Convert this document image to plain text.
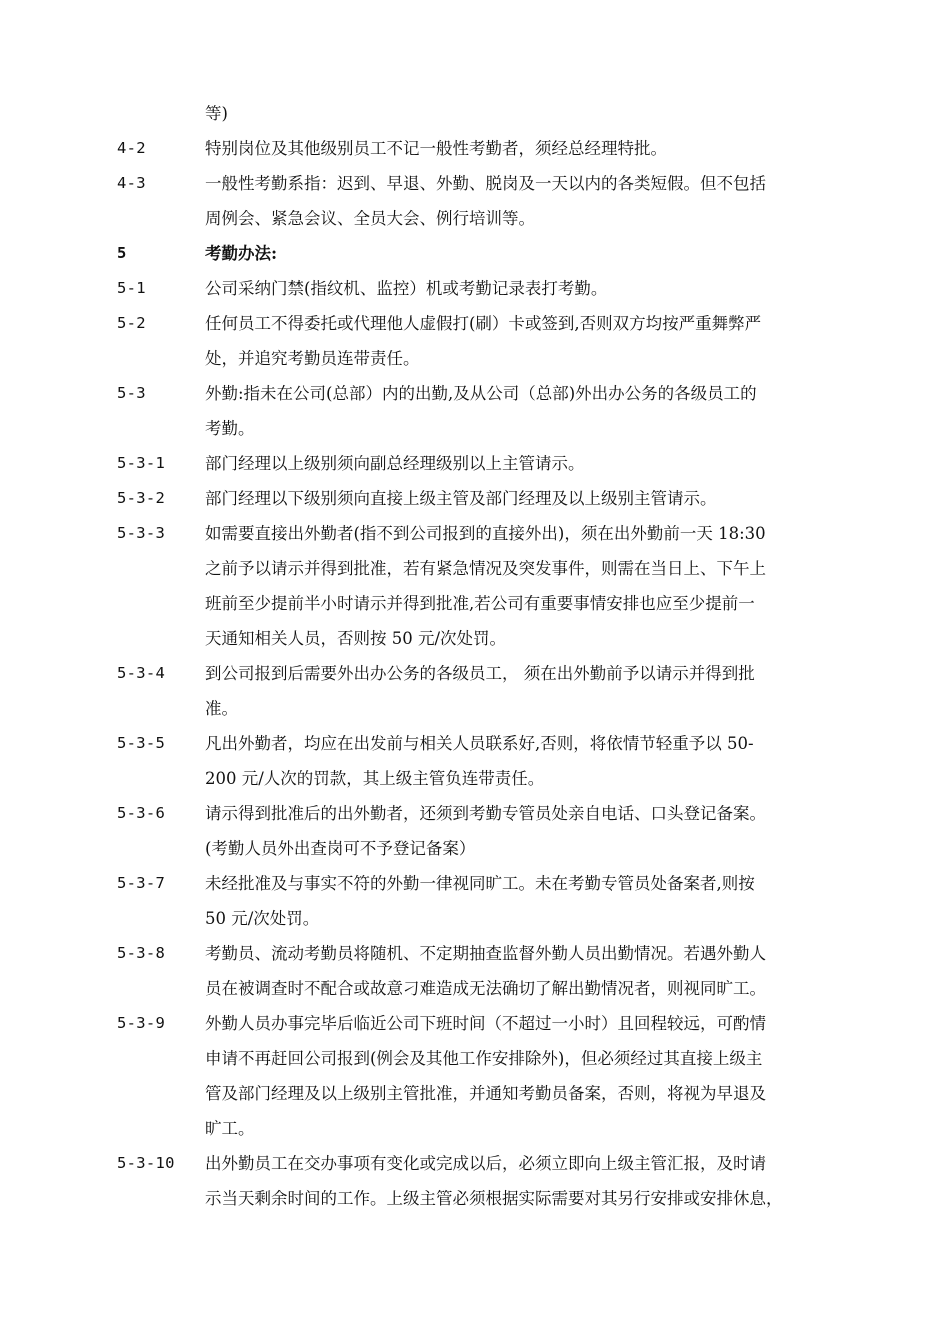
等)
4-2	特别岗位及其他级别员工不记一般性考勤者，须经总经理特批。
4-3	一般性考勤系指：迟到、早退、外勤、脱岗及一天以内的各类短假。但不包括
周例会、紧急会议、全员大会、例行培训等。
5	考勤办法:
5-1	公司采纳门禁(指纹机、监控）机或考勤记录表打考勤。
5-2	任何员工不得委托或代理他人虚假打(刷）卡或签到,否则双方均按严重舞弊严
处，并追究考勤员连带责任。
5-3	外勤:指未在公司(总部）内的出勤,及从公司（总部)外出办公务的各级员工的
考勤。
5-3-1	部门经理以上级别须向副总经理级别以上主管请示。
5-3-2	部门经理以下级别须向直接上级主管及部门经理及以上级别主管请示。
5-3-3	如需要直接出外勤者(指不到公司报到的直接外出)，须在出外勤前一天 18:30
之前予以请示并得到批准，若有紧急情况及突发事件，则需在当日上、下午上
班前至少提前半小时请示并得到批准,若公司有重要事情安排也应至少提前一
天通知相关人员，否则按 50 元/次处罚。
5-3-4	到公司报到后需要外出办公务的各级员工， 须在出外勤前予以请示并得到批
准。
5-3-5	凡出外勤者，均应在出发前与相关人员联系好,否则，将依情节轻重予以 50-
200 元/人次的罚款，其上级主管负连带责任。
5-3-6	请示得到批准后的出外勤者，还须到考勤专管员处亲自电话、口头登记备案。
(考勤人员外出查岗可不予登记备案）
5-3-7	未经批准及与事实不符的外勤一律视同旷工。未在考勤专管员处备案者,则按
50 元/次处罚。
5-3-8	考勤员、流动考勤员将随机、不定期抽查监督外勤人员出勤情况。若遇外勤人
员在被调查时不配合或故意刁难造成无法确切了解出勤情况者，则视同旷工。
5-3-9	外勤人员办事完毕后临近公司下班时间（不超过一小时）且回程较远，可酌情
申请不再赶回公司报到(例会及其他工作安排除外)，但必须经过其直接上级主
管及部门经理及以上级别主管批准，并通知考勤员备案，否则，将视为早退及
旷工。
5-3-10	出外勤员工在交办事项有变化或完成以后，必须立即向上级主管汇报，及时请
示当天剩余时间的工作。上级主管必须根据实际需要对其另行安排或安排休息，
